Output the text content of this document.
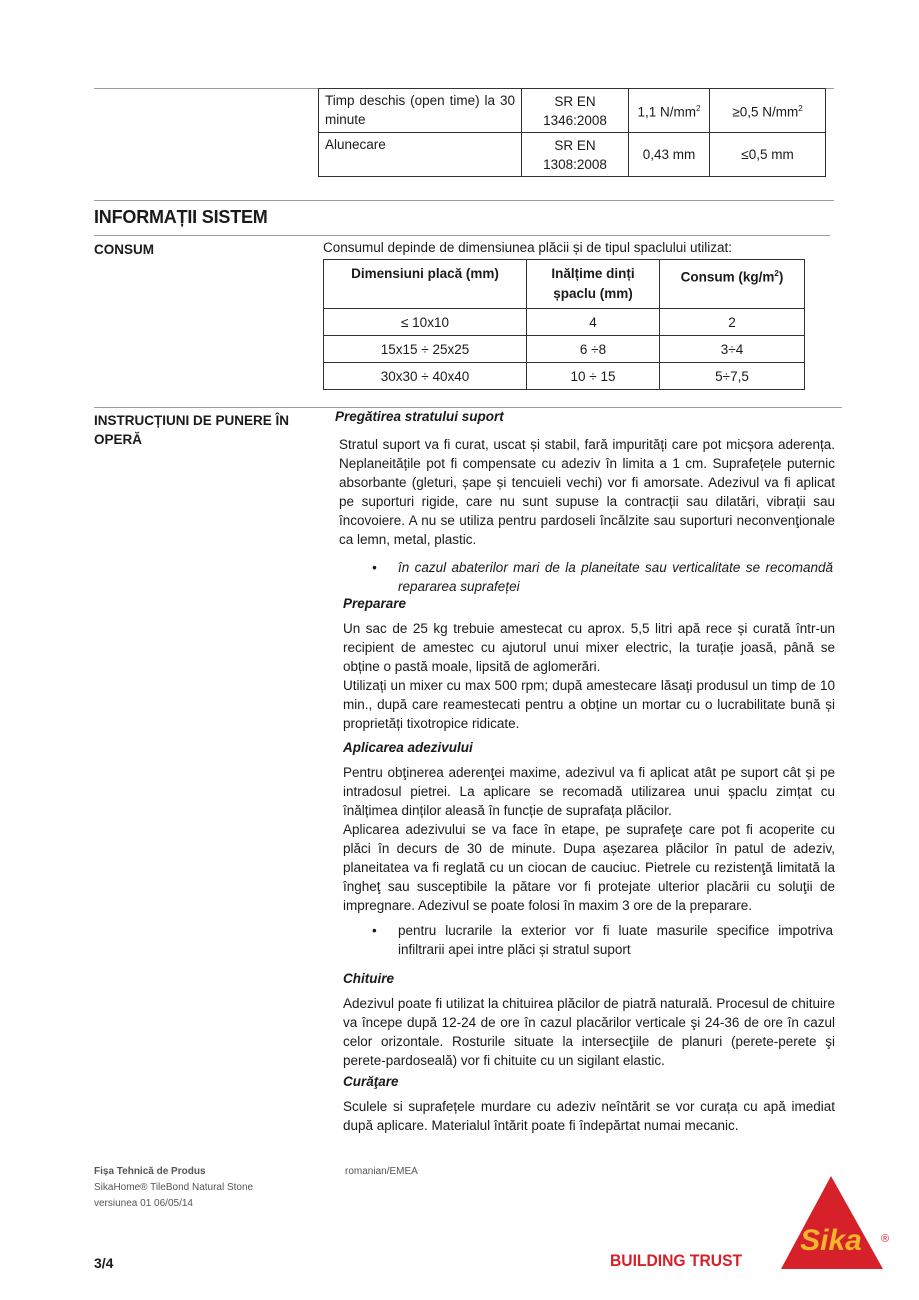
Timp deschis (open time) la 30 minute	SR EN 1346:2008	1,1 $N/mm^2$	≥0,5 $N/mm^2$
Alunecare	SR EN 1308:2008	0,43 mm	≤0,5 mm
INFORMAȚII SISTEM
CONSUM	Consumul depinde de dimensiunea plăcii și de tipul spaclului utilizat:
Dimensiuni placă (mm)	Inălțime dinți șpaclu (mm)	Consum $(kg/m^2)$
≤ 10x10	4	2
15x15 ÷ 25x25	6 ÷8	3÷4
30x30 ÷ 40x40	10 ÷ 15	5÷7,5
INSTRUCȚIUNI DE PUNERE ÎN OPERĂ
Pregătirea stratului suport

Stratul suport va fi curat, uscat și stabil, fară impurități care pot micșora aderența. Neplaneitățile pot fi compensate cu adeziv în limita a 1 cm. Suprafețele puternic absorbante (gleturi, șape și tencuieli vechi) vor fi amorsate. Adezivul va fi aplicat pe suporturi rigide, care nu sunt supuse la contracții sau dilatări, vibrații sau încovoiere. A nu se utiliza pentru pardoseli încălzite sau suporturi neconvenţionale ca lemn, metal, plastic.

• în cazul abaterilor mari de la planeitate sau verticalitate se recomandă repararea suprafeței
Preparare

Un sac de 25 kg trebuie amestecat cu aprox. 5,5 litri apă rece și curată într-un recipient de amestec cu ajutorul unui mixer electric, la turație joasă, până se obține o pastă moale, lipsită de aglomerări.

Utilizați un mixer cu max 500 rpm; după amestecare lăsați produsul un timp de 10 min., după care reamestecati pentru a obține un mortar cu o lucrabilitate bună și proprietăți tixotropice ridicate.

Aplicarea adezivului

Pentru obţinerea aderenţei maxime, adezivul va fi aplicat atât pe suport cât și pe intradosul pietrei. La aplicare se recomadă utilizarea unui șpaclu zimțat cu înălțimea dinților aleasă în funcție de suprafața plăcilor.

Aplicarea adezivului se va face în etape, pe suprafeţe care pot fi acoperite cu plăci în decurs de 30 de minute. Dupa așezarea plăcilor în patul de adeziv, planeitatea va fi reglată cu un ciocan de cauciuc. Pietrele cu rezistenţă limitată la îngheţ sau susceptibile la pătare vor fi protejate ulterior placării cu soluţii de impregnare. Adezivul se poate folosi în maxim 3 ore de la preparare.

• pentru lucrarile la exterior vor fi luate masurile specifice impotriva infiltrarii apei intre plăci și stratul suport
Chituire

Adezivul poate fi utilizat la chituirea plăcilor de piatră naturală. Procesul de chituire va începe după 12-24 de ore în cazul placărilor verticale şi 24-36 de ore în cazul celor orizontale. Rosturile situate la intersecţiile de planuri (perete-perete şi perete-pardoseală) vor fi chituite cu un sigilant elastic.

Curăţare

Sculele si suprafețele murdare cu adeziv neîntărit se vor curața cu apă imediat după aplicare. Materialul întărit poate fi îndepărtat numai mecanic.

Fișa Tehnică de Produs
SikaHome® TileBond Natural Stone
versiunea 01 06/05/14
romanian/EMEA
3/4	BUILDING TRUST
Sika ®
